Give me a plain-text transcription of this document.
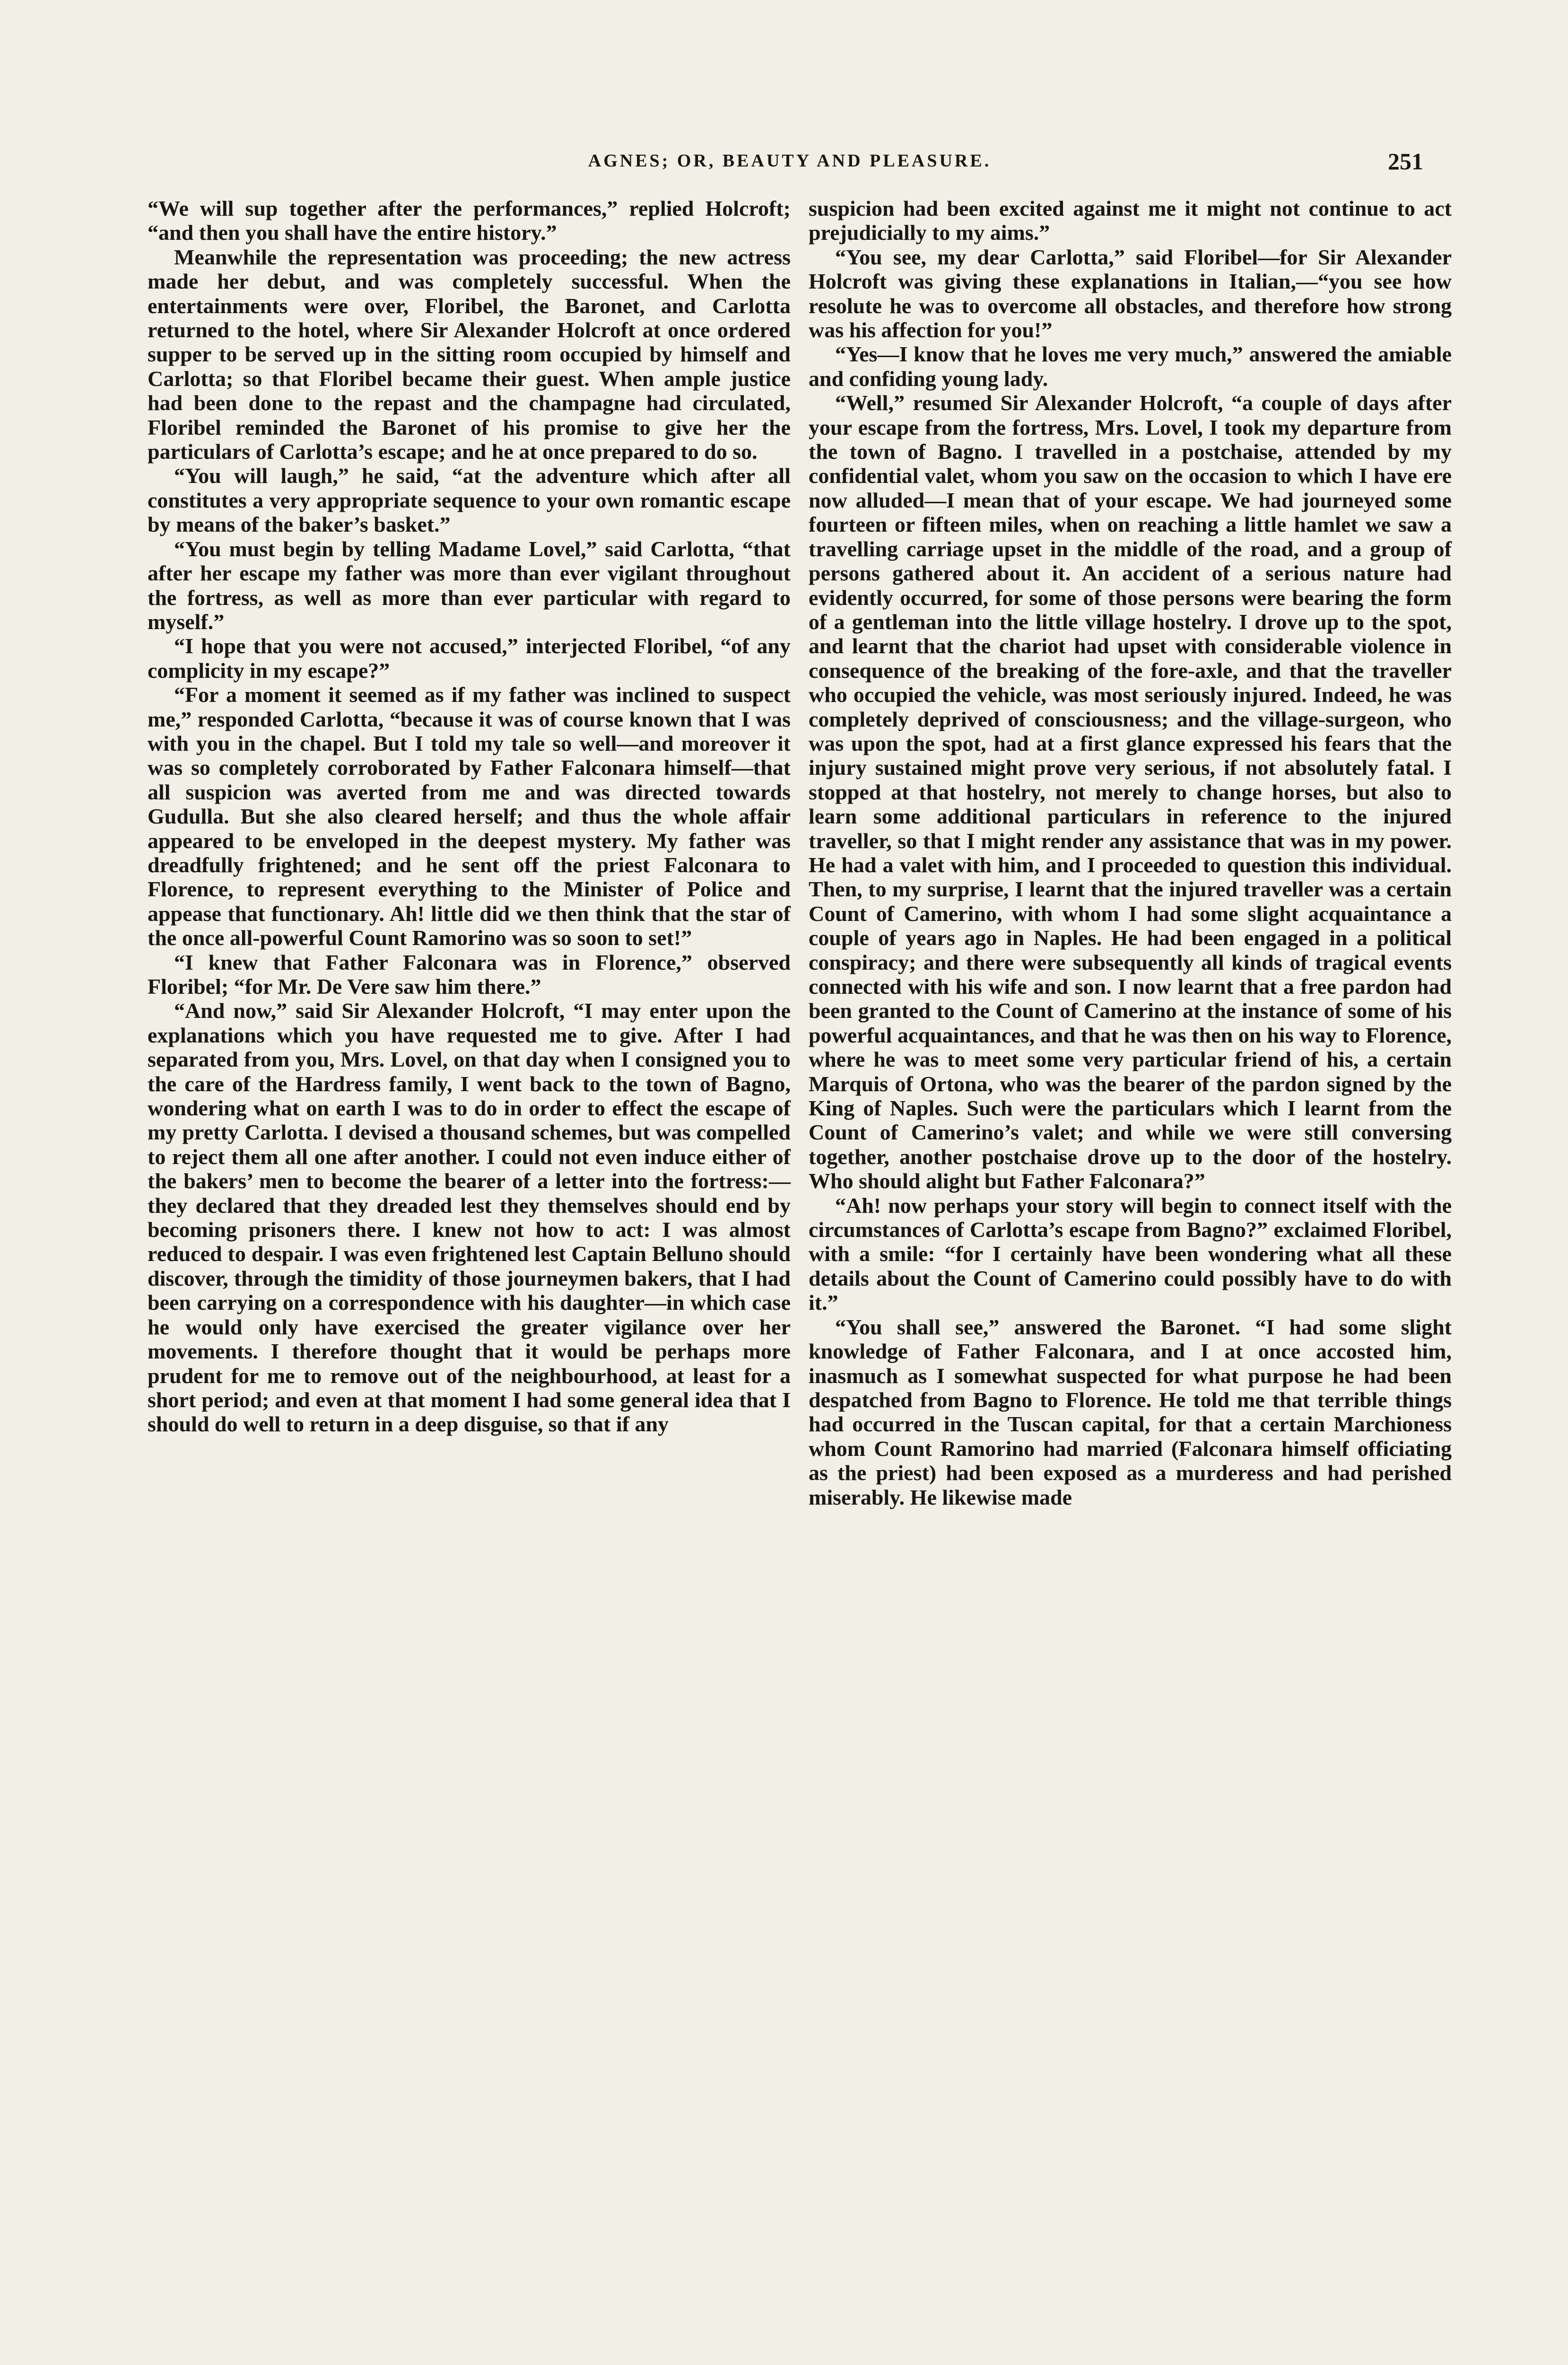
AGNES; OR, BEAUTY AND PLEASURE.	251

“We will sup together after the performances,” replied Holcroft; “and then you shall have the entire history.”

Meanwhile the representation was proceeding; the new actress made her debut, and was completely successful. When the entertainments were over, Floribel, the Baronet, and Carlotta returned to the hotel, where Sir Alexander Holcroft at once ordered supper to be served up in the sitting room occupied by himself and Carlotta; so that Floribel became their guest. When ample justice had been done to the repast and the champagne had circulated, Floribel reminded the Baronet of his promise to give her the particulars of Carlotta’s escape; and he at once prepared to do so.

“You will laugh,” he said, “at the adventure which after all constitutes a very appropriate sequence to your own romantic escape by means of the baker’s basket.”

“You must begin by telling Madame Lovel,” said Carlotta, “that after her escape my father was more than ever vigilant throughout the fortress, as well as more than ever particular with regard to myself.”

“I hope that you were not accused,” interjected Floribel, “of any complicity in my escape?”

“For a moment it seemed as if my father was inclined to suspect me,” responded Carlotta, “because it was of course known that I was with you in the chapel. But I told my tale so well—and moreover it was so completely corroborated by Father Falconara himself—that all suspicion was averted from me and was directed towards Gudulla. But she also cleared herself; and thus the whole affair appeared to be enveloped in the deepest mystery. My father was dreadfully frightened; and he sent off the priest Falconara to Florence, to represent everything to the Minister of Police and appease that functionary. Ah! little did we then think that the star of the once all-powerful Count Ramorino was so soon to set!”

“I knew that Father Falconara was in Florence,” observed Floribel; “for Mr. De Vere saw him there.”

“And now,” said Sir Alexander Holcroft, “I may enter upon the explanations which you have requested me to give. After I had separated from you, Mrs. Lovel, on that day when I consigned you to the care of the Hardress family, I went back to the town of Bagno, wondering what on earth I was to do in order to effect the escape of my pretty Carlotta. I devised a thousand schemes, but was compelled to reject them all one after another. I could not even induce either of the bakers’ men to become the bearer of a letter into the fortress:—they declared that they dreaded lest they themselves should end by becoming prisoners there. I knew not how to act: I was almost reduced to despair. I was even frightened lest Captain Belluno should discover, through the timidity of those journeymen bakers, that I had been carrying on a correspondence with his daughter—in which case he would only have exercised the greater vigilance over her movements. I therefore thought that it would be perhaps more prudent for me to remove out of the neighbourhood, at least for a short period; and even at that moment I had some general idea that I should do well to return in a deep disguise, so that if any

suspicion had been excited against me it might not continue to act prejudicially to my aims.”

“You see, my dear Carlotta,” said Floribel—for Sir Alexander Holcroft was giving these explanations in Italian,—“you see how resolute he was to overcome all obstacles, and therefore how strong was his affection for you!”

“Yes—I know that he loves me very much,” answered the amiable and confiding young lady.

“Well,” resumed Sir Alexander Holcroft, “a couple of days after your escape from the fortress, Mrs. Lovel, I took my departure from the town of Bagno. I travelled in a postchaise, attended by my confidential valet, whom you saw on the occasion to which I have ere now alluded—I mean that of your escape. We had journeyed some fourteen or fifteen miles, when on reaching a little hamlet we saw a travelling carriage upset in the middle of the road, and a group of persons gathered about it. An accident of a serious nature had evidently occurred, for some of those persons were bearing the form of a gentleman into the little village hostelry. I drove up to the spot, and learnt that the chariot had upset with considerable violence in consequence of the breaking of the fore-axle, and that the traveller who occupied the vehicle, was most seriously injured. Indeed, he was completely deprived of consciousness; and the village-surgeon, who was upon the spot, had at a first glance expressed his fears that the injury sustained might prove very serious, if not absolutely fatal. I stopped at that hostelry, not merely to change horses, but also to learn some additional particulars in reference to the injured traveller, so that I might render any assistance that was in my power. He had a valet with him, and I proceeded to question this individual. Then, to my surprise, I learnt that the injured traveller was a certain Count of Camerino, with whom I had some slight acquaintance a couple of years ago in Naples. He had been engaged in a political conspiracy; and there were subsequently all kinds of tragical events connected with his wife and son. I now learnt that a free pardon had been granted to the Count of Camerino at the instance of some of his powerful acquaintances, and that he was then on his way to Florence, where he was to meet some very particular friend of his, a certain Marquis of Ortona, who was the bearer of the pardon signed by the King of Naples. Such were the particulars which I learnt from the Count of Camerino’s valet; and while we were still conversing together, another postchaise drove up to the door of the hostelry. Who should alight but Father Falconara?”

“Ah! now perhaps your story will begin to connect itself with the circumstances of Carlotta’s escape from Bagno?” exclaimed Floribel, with a smile: “for I certainly have been wondering what all these details about the Count of Camerino could possibly have to do with it.”

“You shall see,” answered the Baronet. “I had some slight knowledge of Father Falconara, and I at once accosted him, inasmuch as I somewhat suspected for what purpose he had been despatched from Bagno to Florence. He told me that terrible things had occurred in the Tuscan capital, for that a certain Marchioness whom Count Ramorino had married (Falconara himself officiating as the priest) had been exposed as a murderess and had perished miserably. He likewise made
